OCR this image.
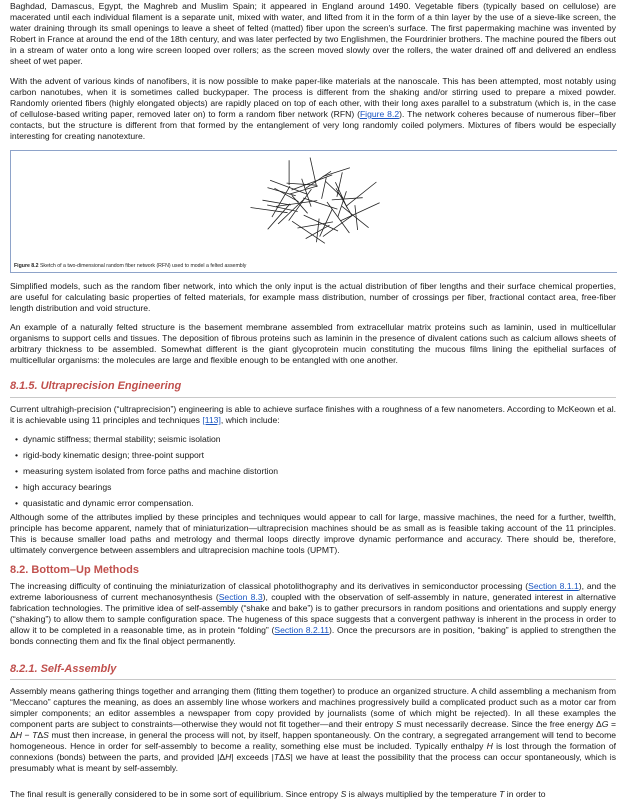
Baghdad, Damascus, Egypt, the Maghreb and Muslim Spain; it appeared in England around 1490. Vegetable fibers (typically based on cellulose) are macerated until each individual filament is a separate unit, mixed with water, and lifted from it in the form of a thin layer by the use of a sieve-like screen, the water draining through its small openings to leave a sheet of felted (matted) fiber upon the screen's surface. The first papermaking machine was invented by Robert in France at around the end of the 18th century, and was later perfected by two Englishmen, the Fourdrinier brothers. The machine poured the fibers out in a stream of water onto a long wire screen looped over rollers; as the screen moved slowly over the rollers, the water drained off and delivered an endless sheet of wet paper.

With the advent of various kinds of nanofibers, it is now possible to make paper-like materials at the nanoscale. This has been attempted, most notably using carbon nanotubes, when it is sometimes called buckypaper. The process is different from the shaking and/or stirring used to prepare a mixed powder. Randomly oriented fibers (highly elongated objects) are rapidly placed on top of each other, with their long axes parallel to a substratum (which is, in the case of cellulose-based writing paper, removed later on) to form a random fiber network (RFN) (Figure 8.2). The network coheres because of numerous fiber–fiber contacts, but the structure is different from that formed by the entanglement of very long randomly coiled polymers. Mixtures of fibers would be especially interesting for creating nanotexture.

Figure 8.2 Sketch of a two-dimensional random fiber network (RFN) used to model a felted assembly

Simplified models, such as the random fiber network, into which the only input is the actual distribution of fiber lengths and their surface chemical properties, are useful for calculating basic properties of felted materials, for example mass distribution, number of crossings per fiber, fractional contact area, free-fiber length distribution and void structure.

An example of a naturally felted structure is the basement membrane assembled from extracellular matrix proteins such as laminin, used in multicellular organisms to support cells and tissues. The deposition of fibrous proteins such as laminin in the presence of divalent cations such as calcium allows sheets of arbitrary thickness to be assembled. Somewhat different is the giant glycoprotein mucin constituting the mucous films lining the epithelial surfaces of multicellular organisms: the molecules are large and flexible enough to be entangled with one another.

8.1.5. Ultraprecision Engineering

Current ultrahigh-precision (“ultraprecision”) engineering is able to achieve surface finishes with a roughness of a few nanometers. According to McKeown et al. it is achievable using 11 principles and techniques [113], which include:

• dynamic stiffness; thermal stability; seismic isolation
• rigid-body kinematic design; three-point support
• measuring system isolated from force paths and machine distortion
• high accuracy bearings
• quasistatic and dynamic error compensation.

Although some of the attributes implied by these principles and techniques would appear to call for large, massive machines, the need for a further, twelfth, principle has become apparent, namely that of miniaturization—ultraprecision machines should be as small as is feasible taking account of the 11 principles. This is because smaller load paths and metrology and thermal loops directly improve dynamic performance and accuracy. There should be, therefore, ultimately convergence between assemblers and ultraprecision machine tools (UPMT).

8.2. Bottom–Up Methods

The increasing difficulty of continuing the miniaturization of classical photolithography and its derivatives in semiconductor processing (Section 8.1.1), and the extreme laboriousness of current mechanosynthesis (Section 8.3), coupled with the observation of self-assembly in nature, generated interest in alternative fabrication technologies. The primitive idea of self-assembly (“shake and bake”) is to gather precursors in random positions and orientations and supply energy (“shaking”) to allow them to sample configuration space. The hugeness of this space suggests that a convergent pathway is inherent in the process in order to allow it to be completed in a reasonable time, as in protein “folding” (Section 8.2.11). Once the precursors are in position, “baking” is applied to strengthen the bonds connecting them and fix the final object permanently.

8.2.1. Self-Assembly

Assembly means gathering things together and arranging them (fitting them together) to produce an organized structure. A child assembling a mechanism from “Meccano” captures the meaning, as does an assembly line whose workers and machines progressively build a complicated product such as a motor car from simpler components; an editor assembles a newspaper from copy provided by journalists (some of which might be rejected). In all these examples the component parts are subject to constraints—otherwise they would not fit together—and their entropy S must necessarily decrease. Since the free energy ΔG = ΔH − TΔS must then increase, in general the process will not, by itself, happen spontaneously. On the contrary, a segregated arrangement will tend to become homogeneous. Hence in order for self-assembly to become a reality, something else must be included. Typically enthalpy H is lost through the formation of connexions (bonds) between the parts, and provided |ΔH| exceeds |TΔS| we have at least the possibility that the process can occur spontaneously, which is presumably what is meant by self-assembly.

The final result is generally considered to be in some sort of equilibrium. Since entropy S is always multiplied by the temperature T in order to
